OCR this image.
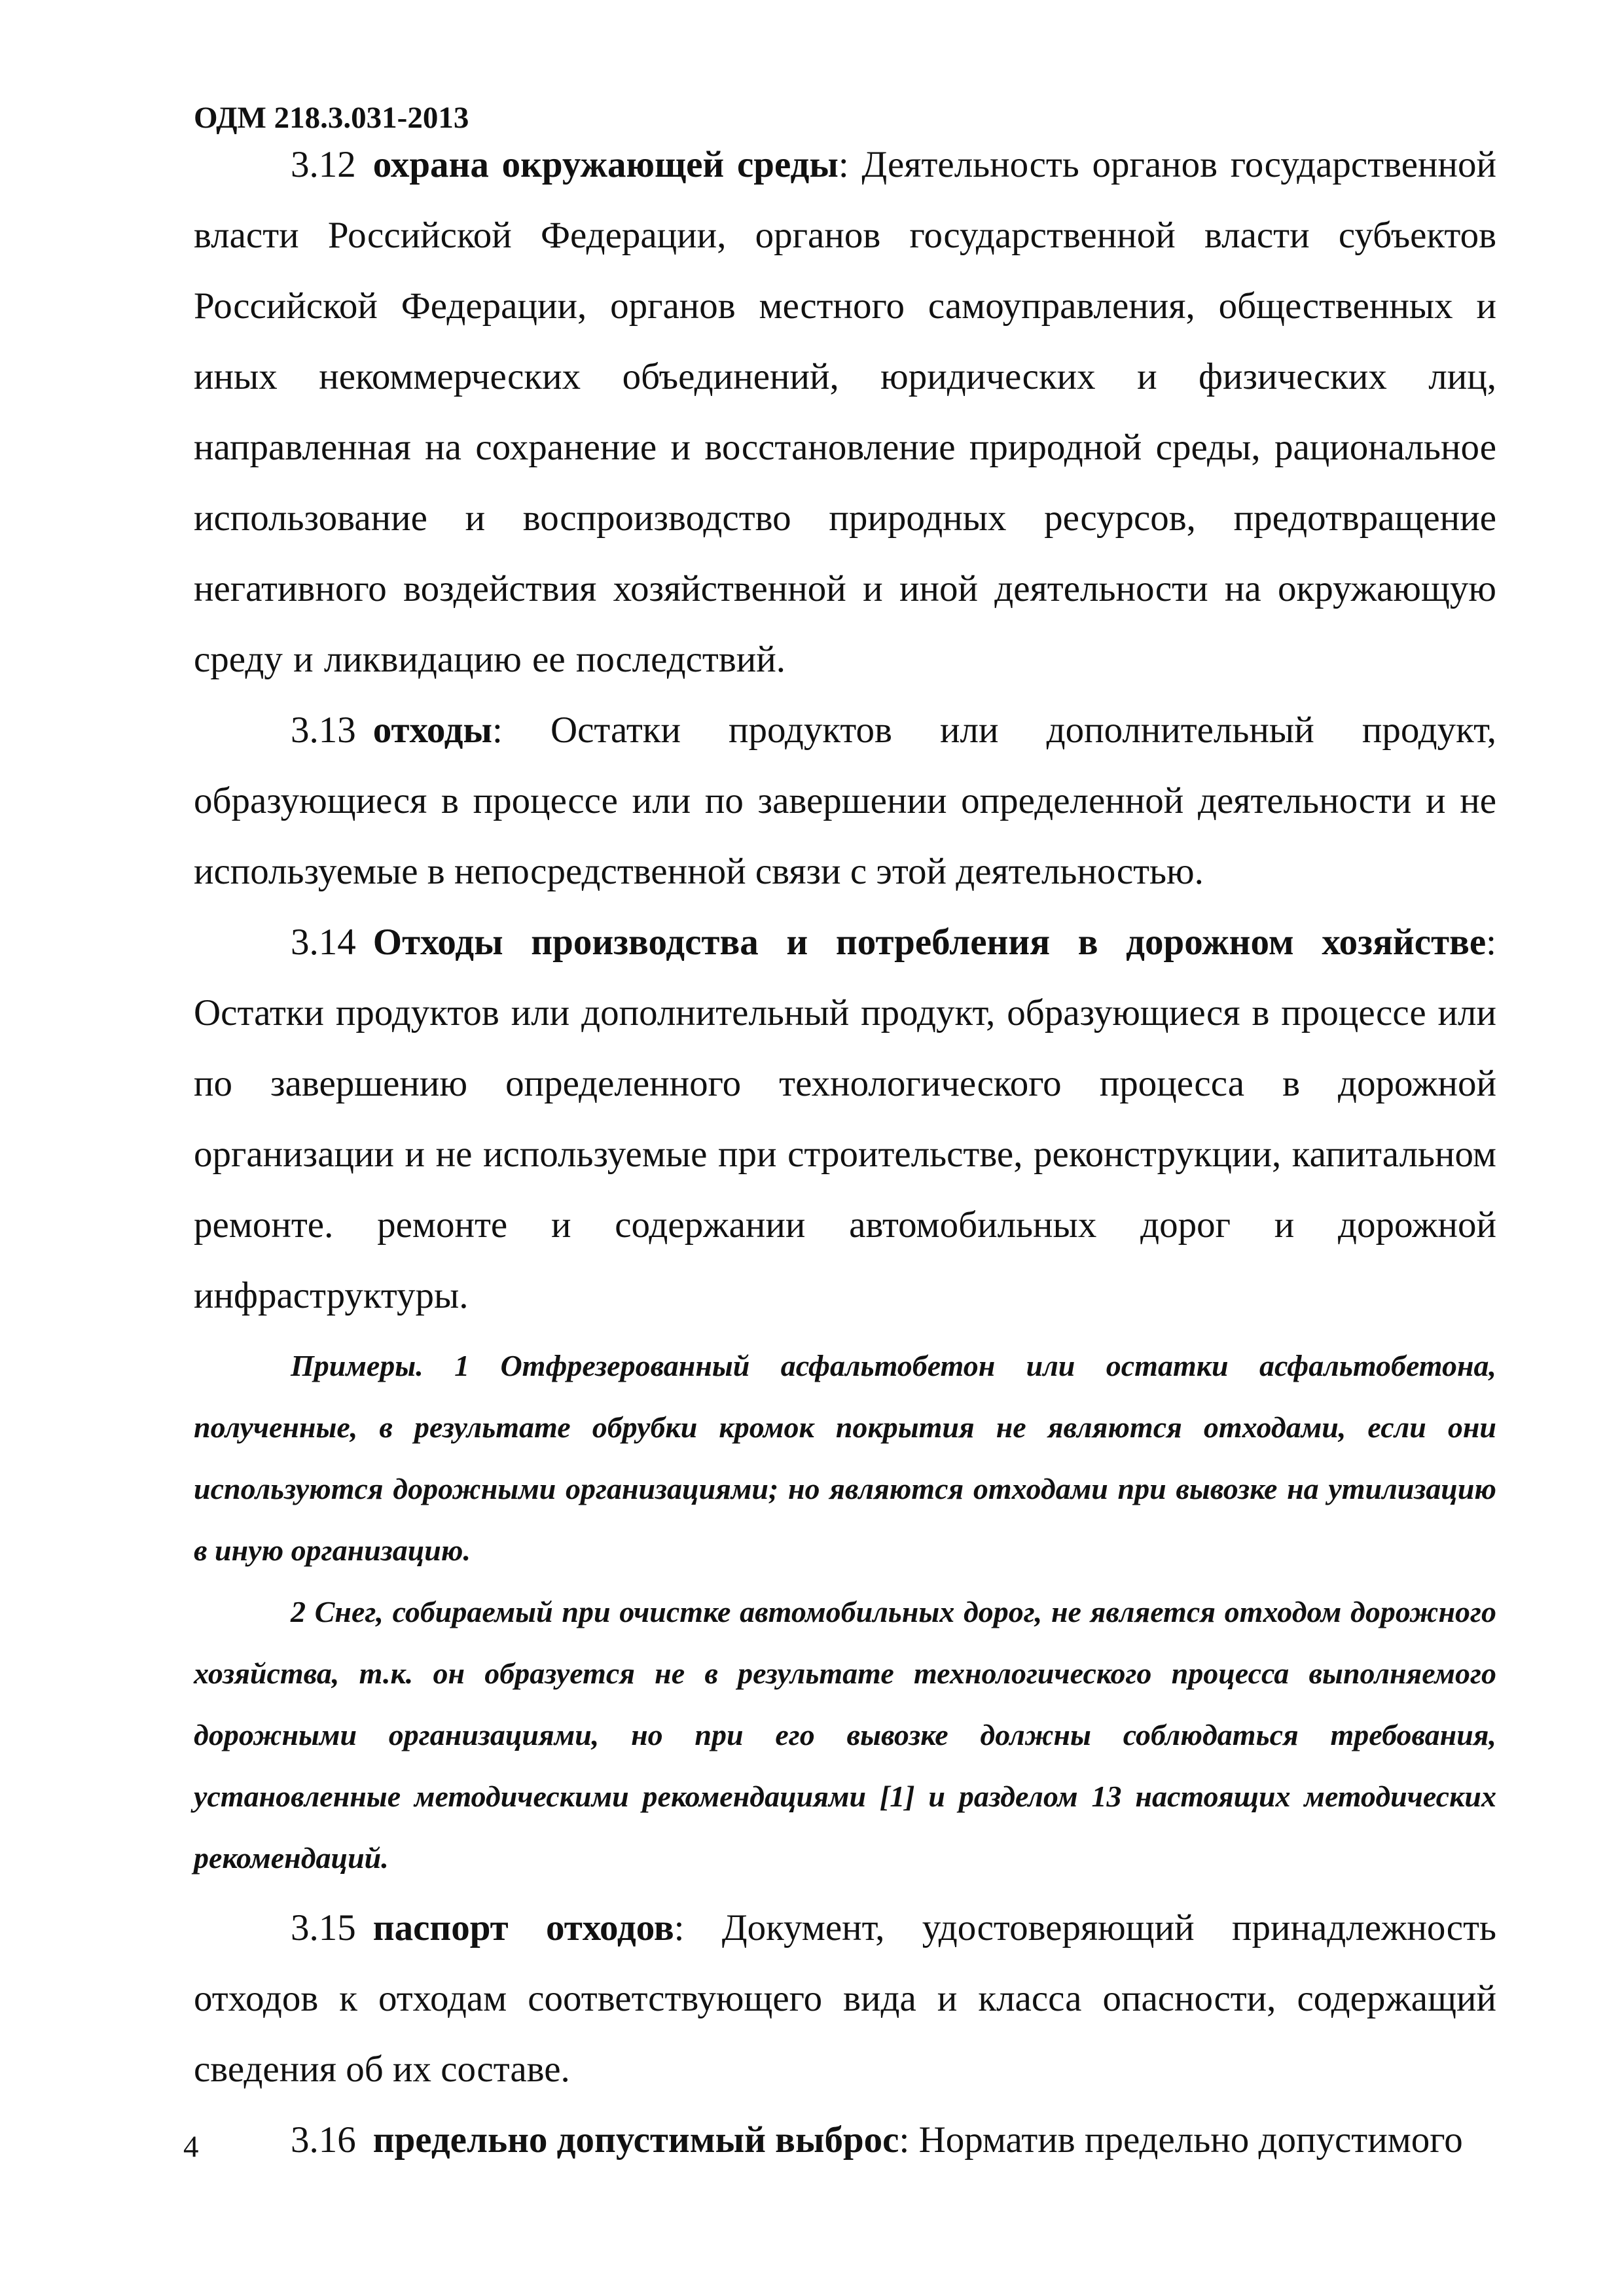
ОДМ 218.3.031-2013

3.12 охрана окружающей среды: Деятельность органов государственной власти Российской Федерации, органов государственной власти субъектов Российской Федерации, органов местного самоуправления, общественных и иных некоммерческих объединений, юридических и физических лиц, направленная на сохранение и восстановление природной среды, рациональное использование и воспроизводство природных ресурсов, предотвращение негативного воздействия хозяйственной и иной деятельности на окружающую среду и ликвидацию ее последствий.

3.13 отходы: Остатки продуктов или дополнительный продукт, образующиеся в процессе или по завершении определенной деятельности и не используемые в непосредственной связи с этой деятельностью.

3.14 Отходы производства и потребления в дорожном хозяйстве: Остатки продуктов или дополнительный продукт, образующиеся в процессе или по завершению определенного технологического процесса в дорожной организации и не используемые при строительстве, реконструкции, капитальном ремонте. ремонте и содержании автомобильных дорог и дорожной инфраструктуры.

Примеры. 1 Отфрезерованный асфальтобетон или остатки асфальтобетона, полученные, в результате обрубки кромок покрытия не являются отходами, если они используются дорожными организациями; но являются отходами при вывозке на утилизацию в иную организацию.

2 Снег, собираемый при очистке автомобильных дорог, не является отходом дорожного хозяйства, т.к. он образуется не в результате технологического процесса выполняемого дорожными организациями, но при его вывозке должны соблюдаться требования, установленные методическими рекомендациями [1] и разделом 13 настоящих методических рекомендаций.

3.15 паспорт отходов: Документ, удостоверяющий принадлежность отходов к отходам соответствующего вида и класса опасности, содержащий сведения об их составе.

3.16 предельно допустимый выброс: Норматив предельно допустимого

4
